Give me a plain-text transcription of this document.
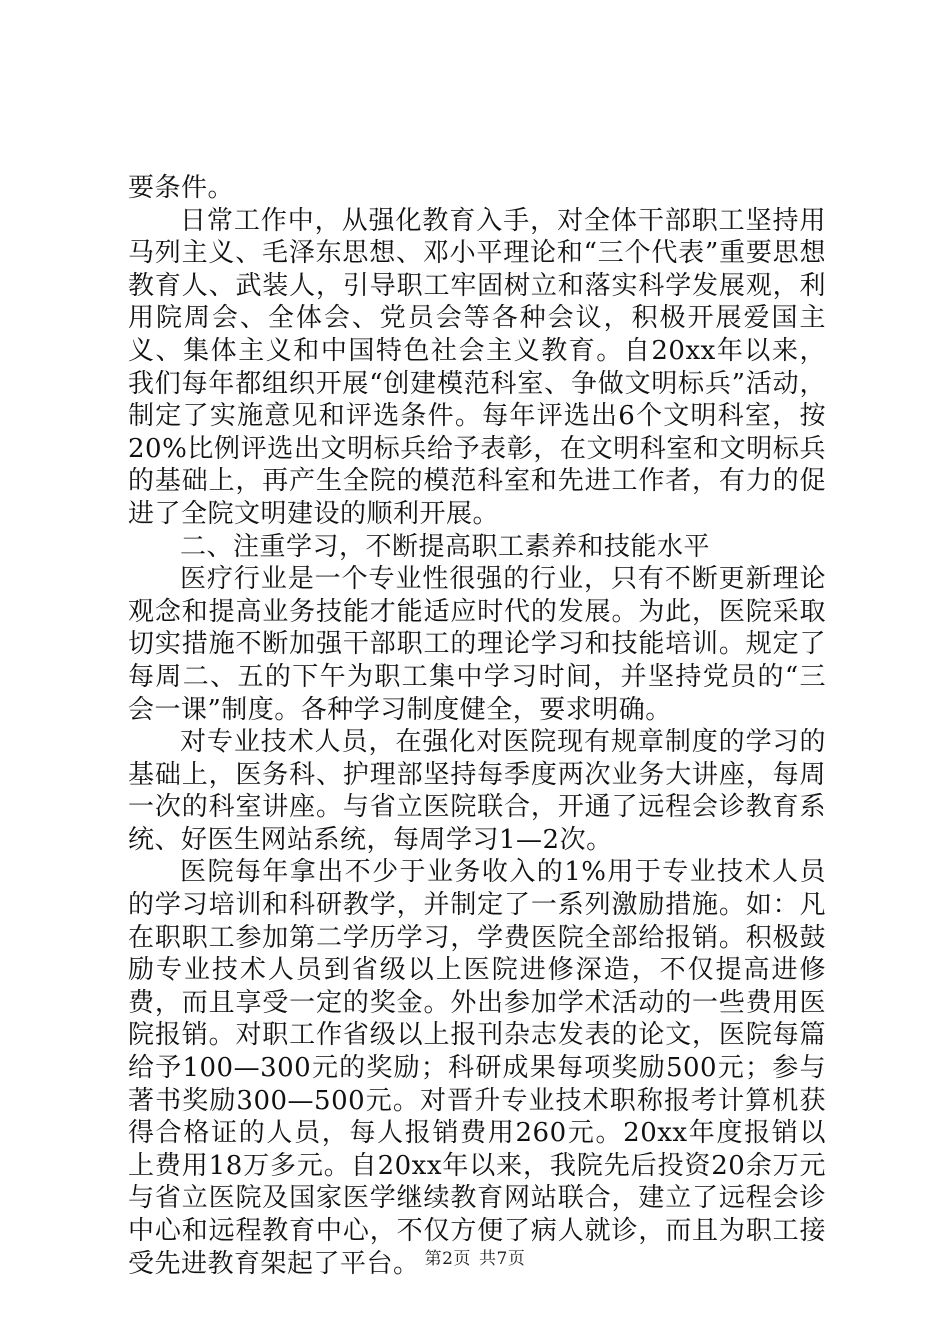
要条件。

日常工作中，从强化教育入手，对全体干部职工坚持用马列主义、毛泽东思想、邓小平理论和“三个代表”重要思想教育人、武装人，引导职工牢固树立和落实科学发展观，利用院周会、全体会、党员会等各种会议，积极开展爱国主义、集体主义和中国特色社会主义教育。自20xx年以来，我们每年都组织开展“创建模范科室、争做文明标兵”活动，制定了实施意见和评选条件。每年评选出6个文明科室，按20%比例评选出文明标兵给予表彰，在文明科室和文明标兵的基础上，再产生全院的模范科室和先进工作者，有力的促进了全院文明建设的顺利开展。

二、注重学习，不断提高职工素养和技能水平

医疗行业是一个专业性很强的行业，只有不断更新理论观念和提高业务技能才能适应时代的发展。为此，医院采取切实措施不断加强干部职工的理论学习和技能培训。规定了每周二、五的下午为职工集中学习时间，并坚持党员的“三会一课”制度。各种学习制度健全，要求明确。

对专业技术人员，在强化对医院现有规章制度的学习的基础上，医务科、护理部坚持每季度两次业务大讲座，每周一次的科室讲座。与省立医院联合，开通了远程会诊教育系统、好医生网站系统，每周学习1—2次。

医院每年拿出不少于业务收入的1%用于专业技术人员的学习培训和科研教学，并制定了一系列激励措施。如：凡在职职工参加第二学历学习，学费医院全部给报销。积极鼓励专业技术人员到省级以上医院进修深造，不仅提高进修费，而且享受一定的奖金。外出参加学术活动的一些费用医院报销。对职工作省级以上报刊杂志发表的论文，医院每篇给予100—300元的奖励；科研成果每项奖励500元；参与著书奖励300—500元。对晋升专业技术职称报考计算机获得合格证的人员，每人报销费用260元。20xx年度报销以上费用18万多元。自20xx年以来，我院先后投资20余万元与省立医院及国家医学继续教育网站联合，建立了远程会诊中心和远程教育中心，不仅方便了病人就诊，而且为职工接受先进教育架起了平台。 第2页 共7页
